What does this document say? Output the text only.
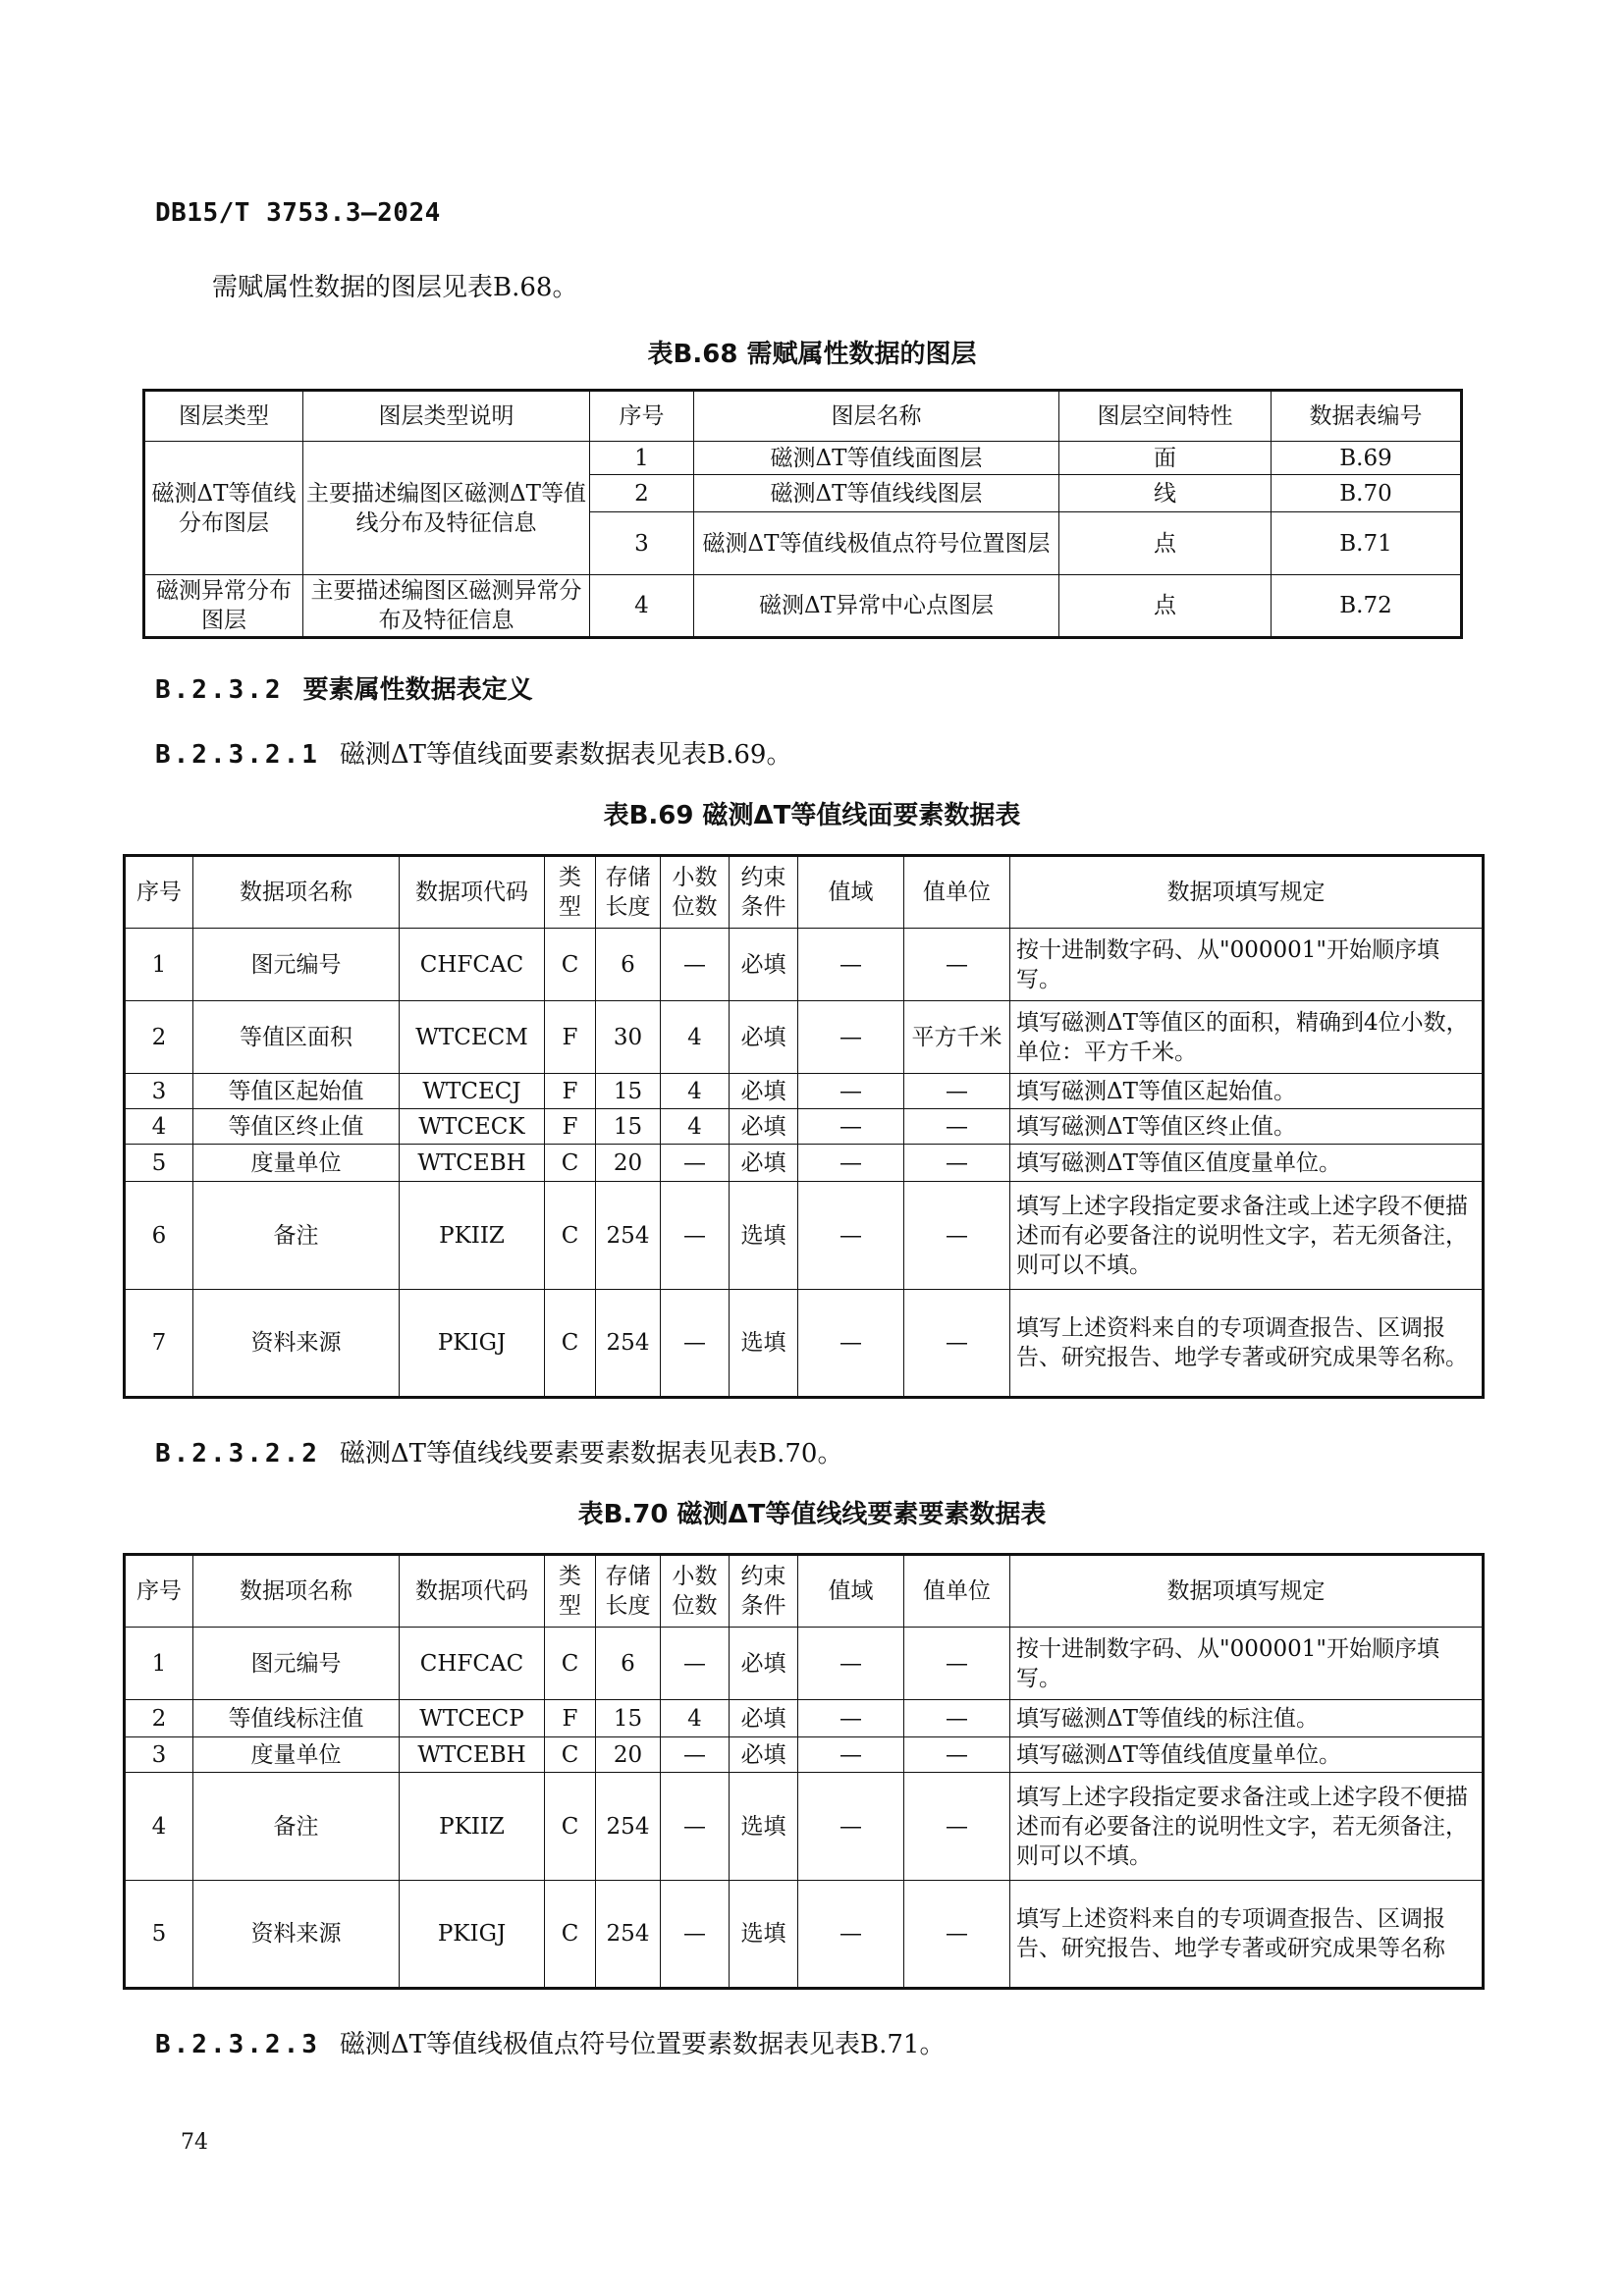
DB15/T 3753.3—2024
需赋属性数据的图层见表B.68。
表B.68 需赋属性数据的图层
图层类型	图层类型说明	序号	图层名称	图层空间特性	数据表编号
磁测ΔT等值线分布图层	主要描述编图区磁测ΔT等值线分布及特征信息	1	磁测ΔT等值线面图层	面	B.69
		2	磁测ΔT等值线线图层	线	B.70
		3	磁测ΔT等值线极值点符号位置图层	点	B.71
磁测异常分布图层	主要描述编图区磁测异常分布及特征信息	4	磁测ΔT异常中心点图层	点	B.72
B.2.3.2 要素属性数据表定义
B.2.3.2.1 磁测ΔT等值线面要素数据表见表B.69。
表B.69 磁测ΔT等值线面要素数据表
序号	数据项名称	数据项代码	类型	存储长度	小数位数	约束条件	值域	值单位	数据项填写规定
1	图元编号	CHFCAC	C	6	—	必填	—	—	按十进制数字码、从"000001"开始顺序填写。
2	等值区面积	WTCECM	F	30	4	必填	—	平方千米	填写磁测ΔT等值区的面积，精确到4位小数，单位：平方千米。
3	等值区起始值	WTCECJ	F	15	4	必填	—	—	填写磁测ΔT等值区起始值。
4	等值区终止值	WTCECK	F	15	4	必填	—	—	填写磁测ΔT等值区终止值。
5	度量单位	WTCEBH	C	20	—	必填	—	—	填写磁测ΔT等值区值度量单位。
6	备注	PKIIZ	C	254	—	选填	—	—	填写上述字段指定要求备注或上述字段不便描述而有必要备注的说明性文字，若无须备注，则可以不填。
7	资料来源	PKIGJ	C	254	—	选填	—	—	填写上述资料来自的专项调查报告、区调报告、研究报告、地学专著或研究成果等名称。
B.2.3.2.2 磁测ΔT等值线线要素要素数据表见表B.70。
表B.70 磁测ΔT等值线线要素要素数据表
序号	数据项名称	数据项代码	类型	存储长度	小数位数	约束条件	值域	值单位	数据项填写规定
1	图元编号	CHFCAC	C	6	—	必填	—	—	按十进制数字码、从"000001"开始顺序填写。
2	等值线标注值	WTCECP	F	15	4	必填	—	—	填写磁测ΔT等值线的标注值。
3	度量单位	WTCEBH	C	20	—	必填	—	—	填写磁测ΔT等值线值度量单位。
4	备注	PKIIZ	C	254	—	选填	—	—	填写上述字段指定要求备注或上述字段不便描述而有必要备注的说明性文字，若无须备注，则可以不填。
5	资料来源	PKIGJ	C	254	—	选填	—	—	填写上述资料来自的专项调查报告、区调报告、研究报告、地学专著或研究成果等名称
B.2.3.2.3 磁测ΔT等值线极值点符号位置要素数据表见表B.71。
74
